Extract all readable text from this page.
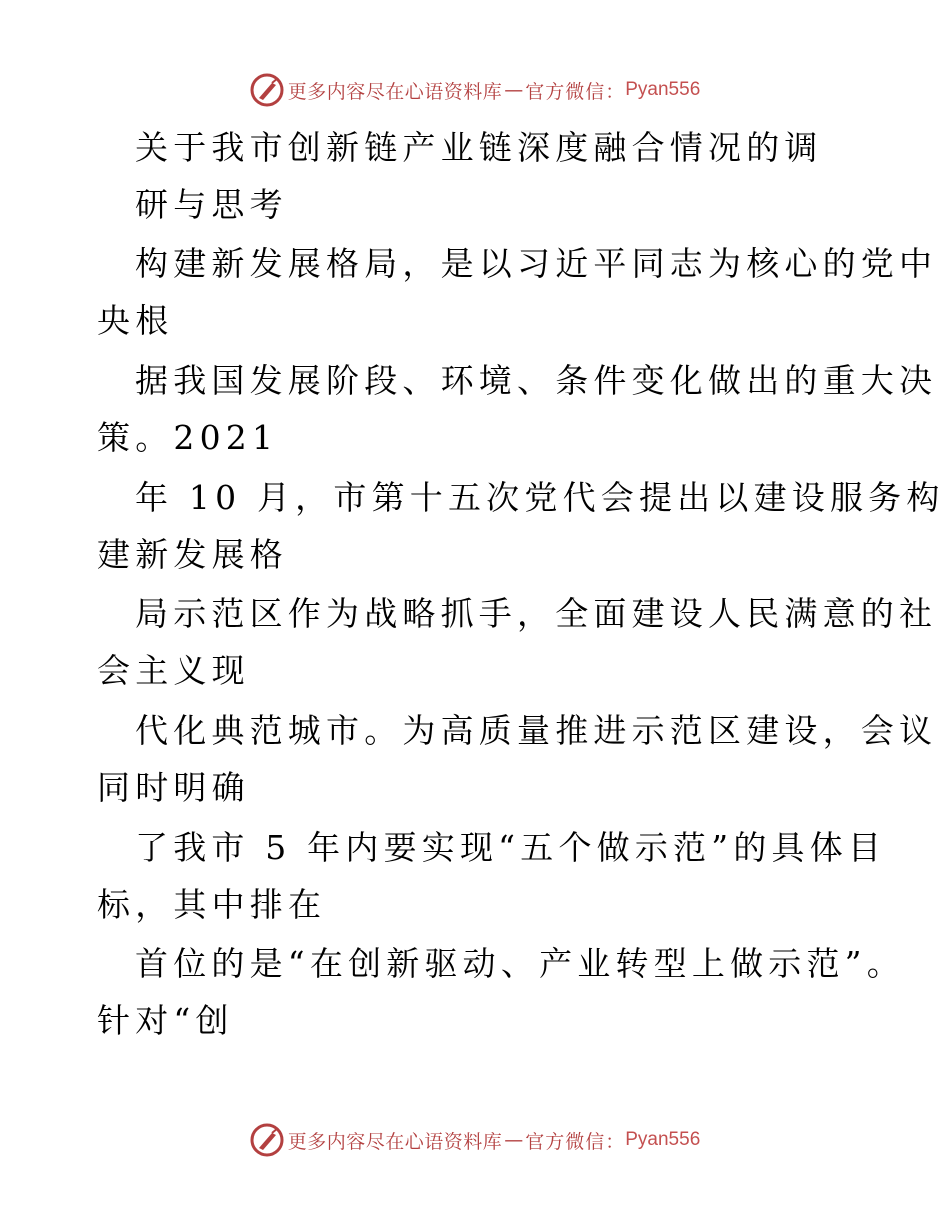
更多内容尽在心语资料库 — 官方微信： Pyan556
关于我市创新链产业链深度融合情况的调
研与思考
构建新发展格局，是以习近平同志为核心的党中
央根
据我国发展阶段、环境、条件变化做出的重大决
策。2021
年 10 月，市第十五次党代会提出以建设服务构
建新发展格
局示范区作为战略抓手，全面建设人民满意的社
会主义现
代化典范城市。为高质量推进示范区建设，会议
同时明确
了我市 5 年内要实现“五个做示范”的具体目
标，其中排在
首位的是“在创新驱动、产业转型上做示范”。
针对“创
更多内容尽在心语资料库 — 官方微信： Pyan556
